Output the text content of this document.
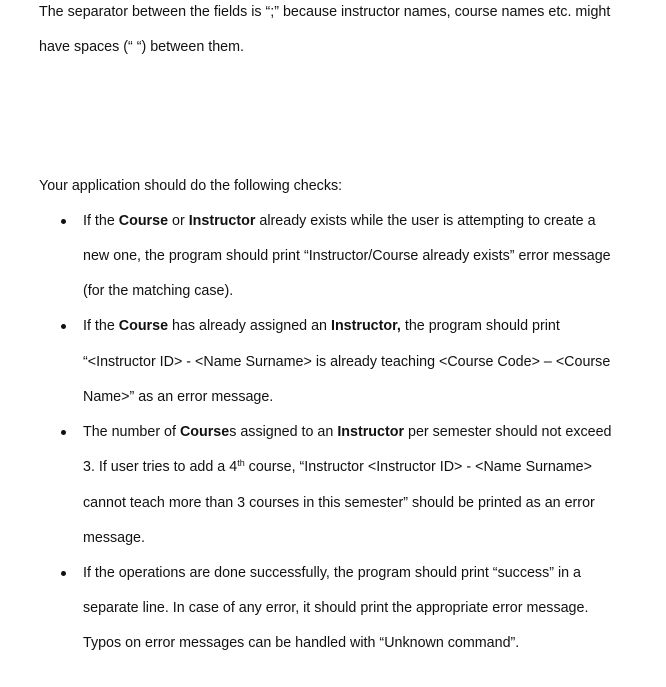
The separator between the fields is “;” because instructor names, course names etc. might
have spaces (“ “) between them.
Your application should do the following checks:
If the Course or Instructor already exists while the user is attempting to create a
new one, the program should print “Instructor/Course already exists” error message
(for the matching case).
If the Course has already assigned an Instructor, the program should print
“<Instructor ID> - <Name Surname> is already teaching <Course Code> – <Course
Name>” as an error message.
The number of Courses assigned to an Instructor per semester should not exceed
3. If user tries to add a 4th course, “Instructor <Instructor ID> - <Name Surname>
cannot teach more than 3 courses in this semester” should be printed as an error
message.
If the operations are done successfully, the program should print “success” in a
separate line. In case of any error, it should print the appropriate error message.
Typos on error messages can be handled with “Unknown command”.
